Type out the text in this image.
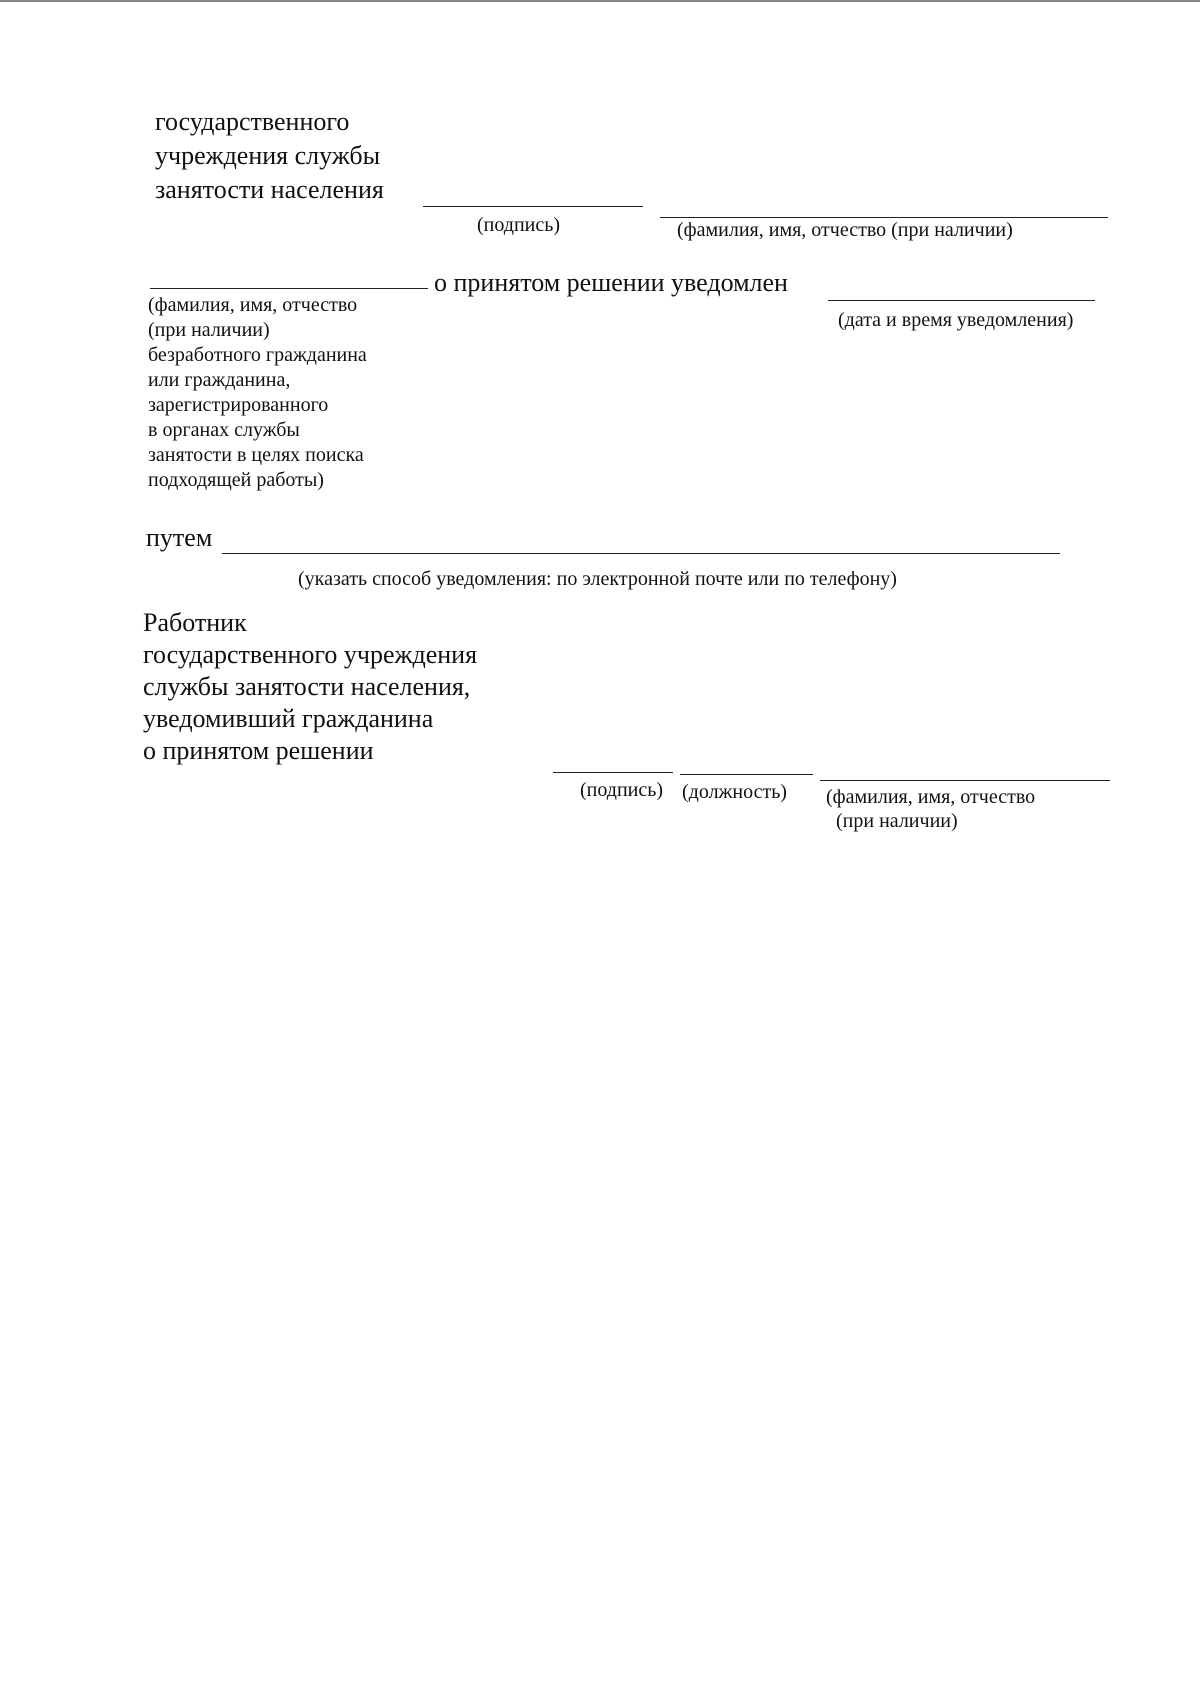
государственного
учреждения службы
занятости населения
(подпись)	(фамилия, имя, отчество (при наличии)
о принятом решении уведомлен
(фамилия, имя, отчество
(при наличии)
безработного гражданина
или гражданина,
зарегистрированного
в органах службы
занятости в целях поиска
подходящей работы)
(дата и время уведомления)
путем
(указать способ уведомления: по электронной почте или по телефону)
Работник
государственного учреждения
службы занятости населения,
уведомивший гражданина
о принятом решении
(подпись) (должность) (фамилия, имя, отчество
(при наличии)
